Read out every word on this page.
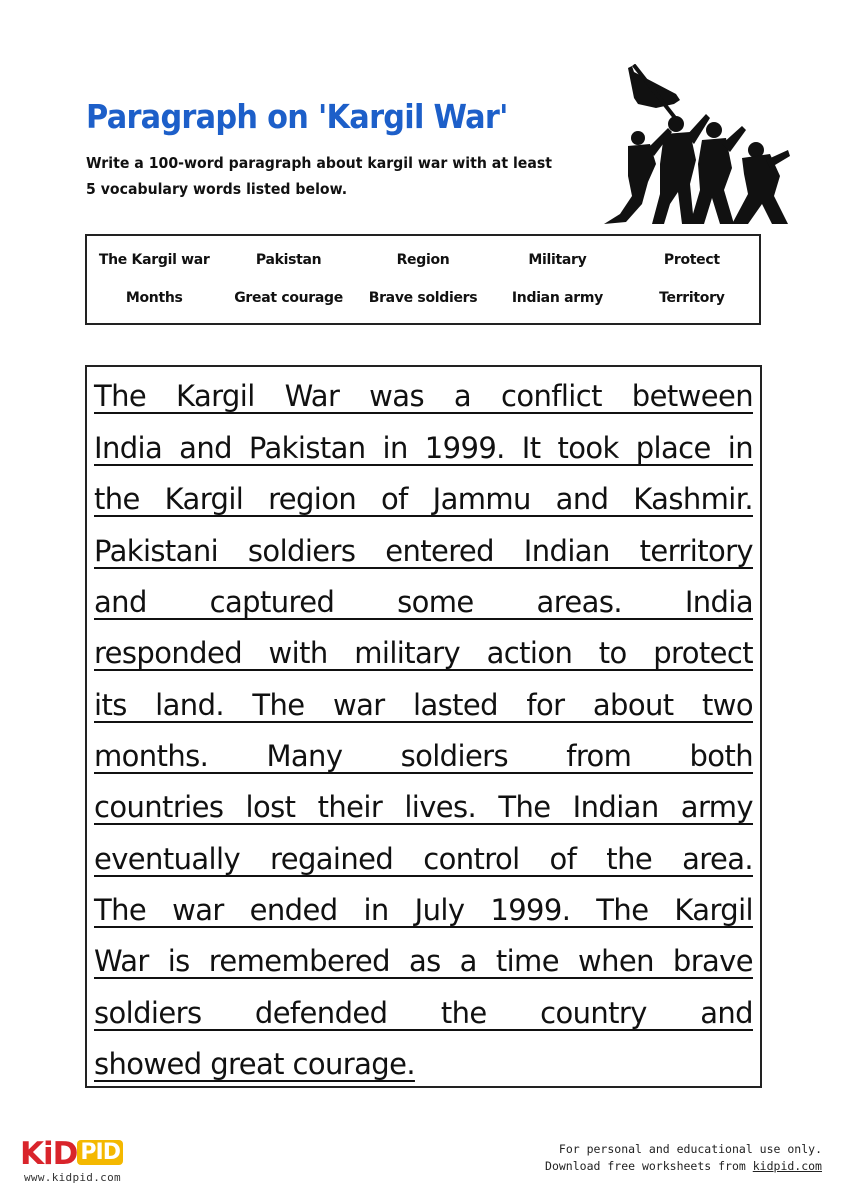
Paragraph on 'Kargil War'
Write a 100-word paragraph about kargil war with at least
5 vocabulary words listed below.
The Kargil war	Pakistan	Region	Military	Protect
Months	Great courage	Brave soldiers	Indian army	Territory
The Kargil War was a conflict between
India and Pakistan in 1999. It took place in
the Kargil region of Jammu and Kashmir.
Pakistani soldiers entered Indian territory
and captured some areas. India
responded with military action to protect
its land. The war lasted for about two
months. Many soldiers from both
countries lost their lives. The Indian army
eventually regained control of the area.
The war ended in July 1999. The Kargil
War is remembered as a time when brave
soldiers defended the country and
showed great courage.
KiD PID
www.kidpid.com
For personal and educational use only.
Download free worksheets from kidpid.com
